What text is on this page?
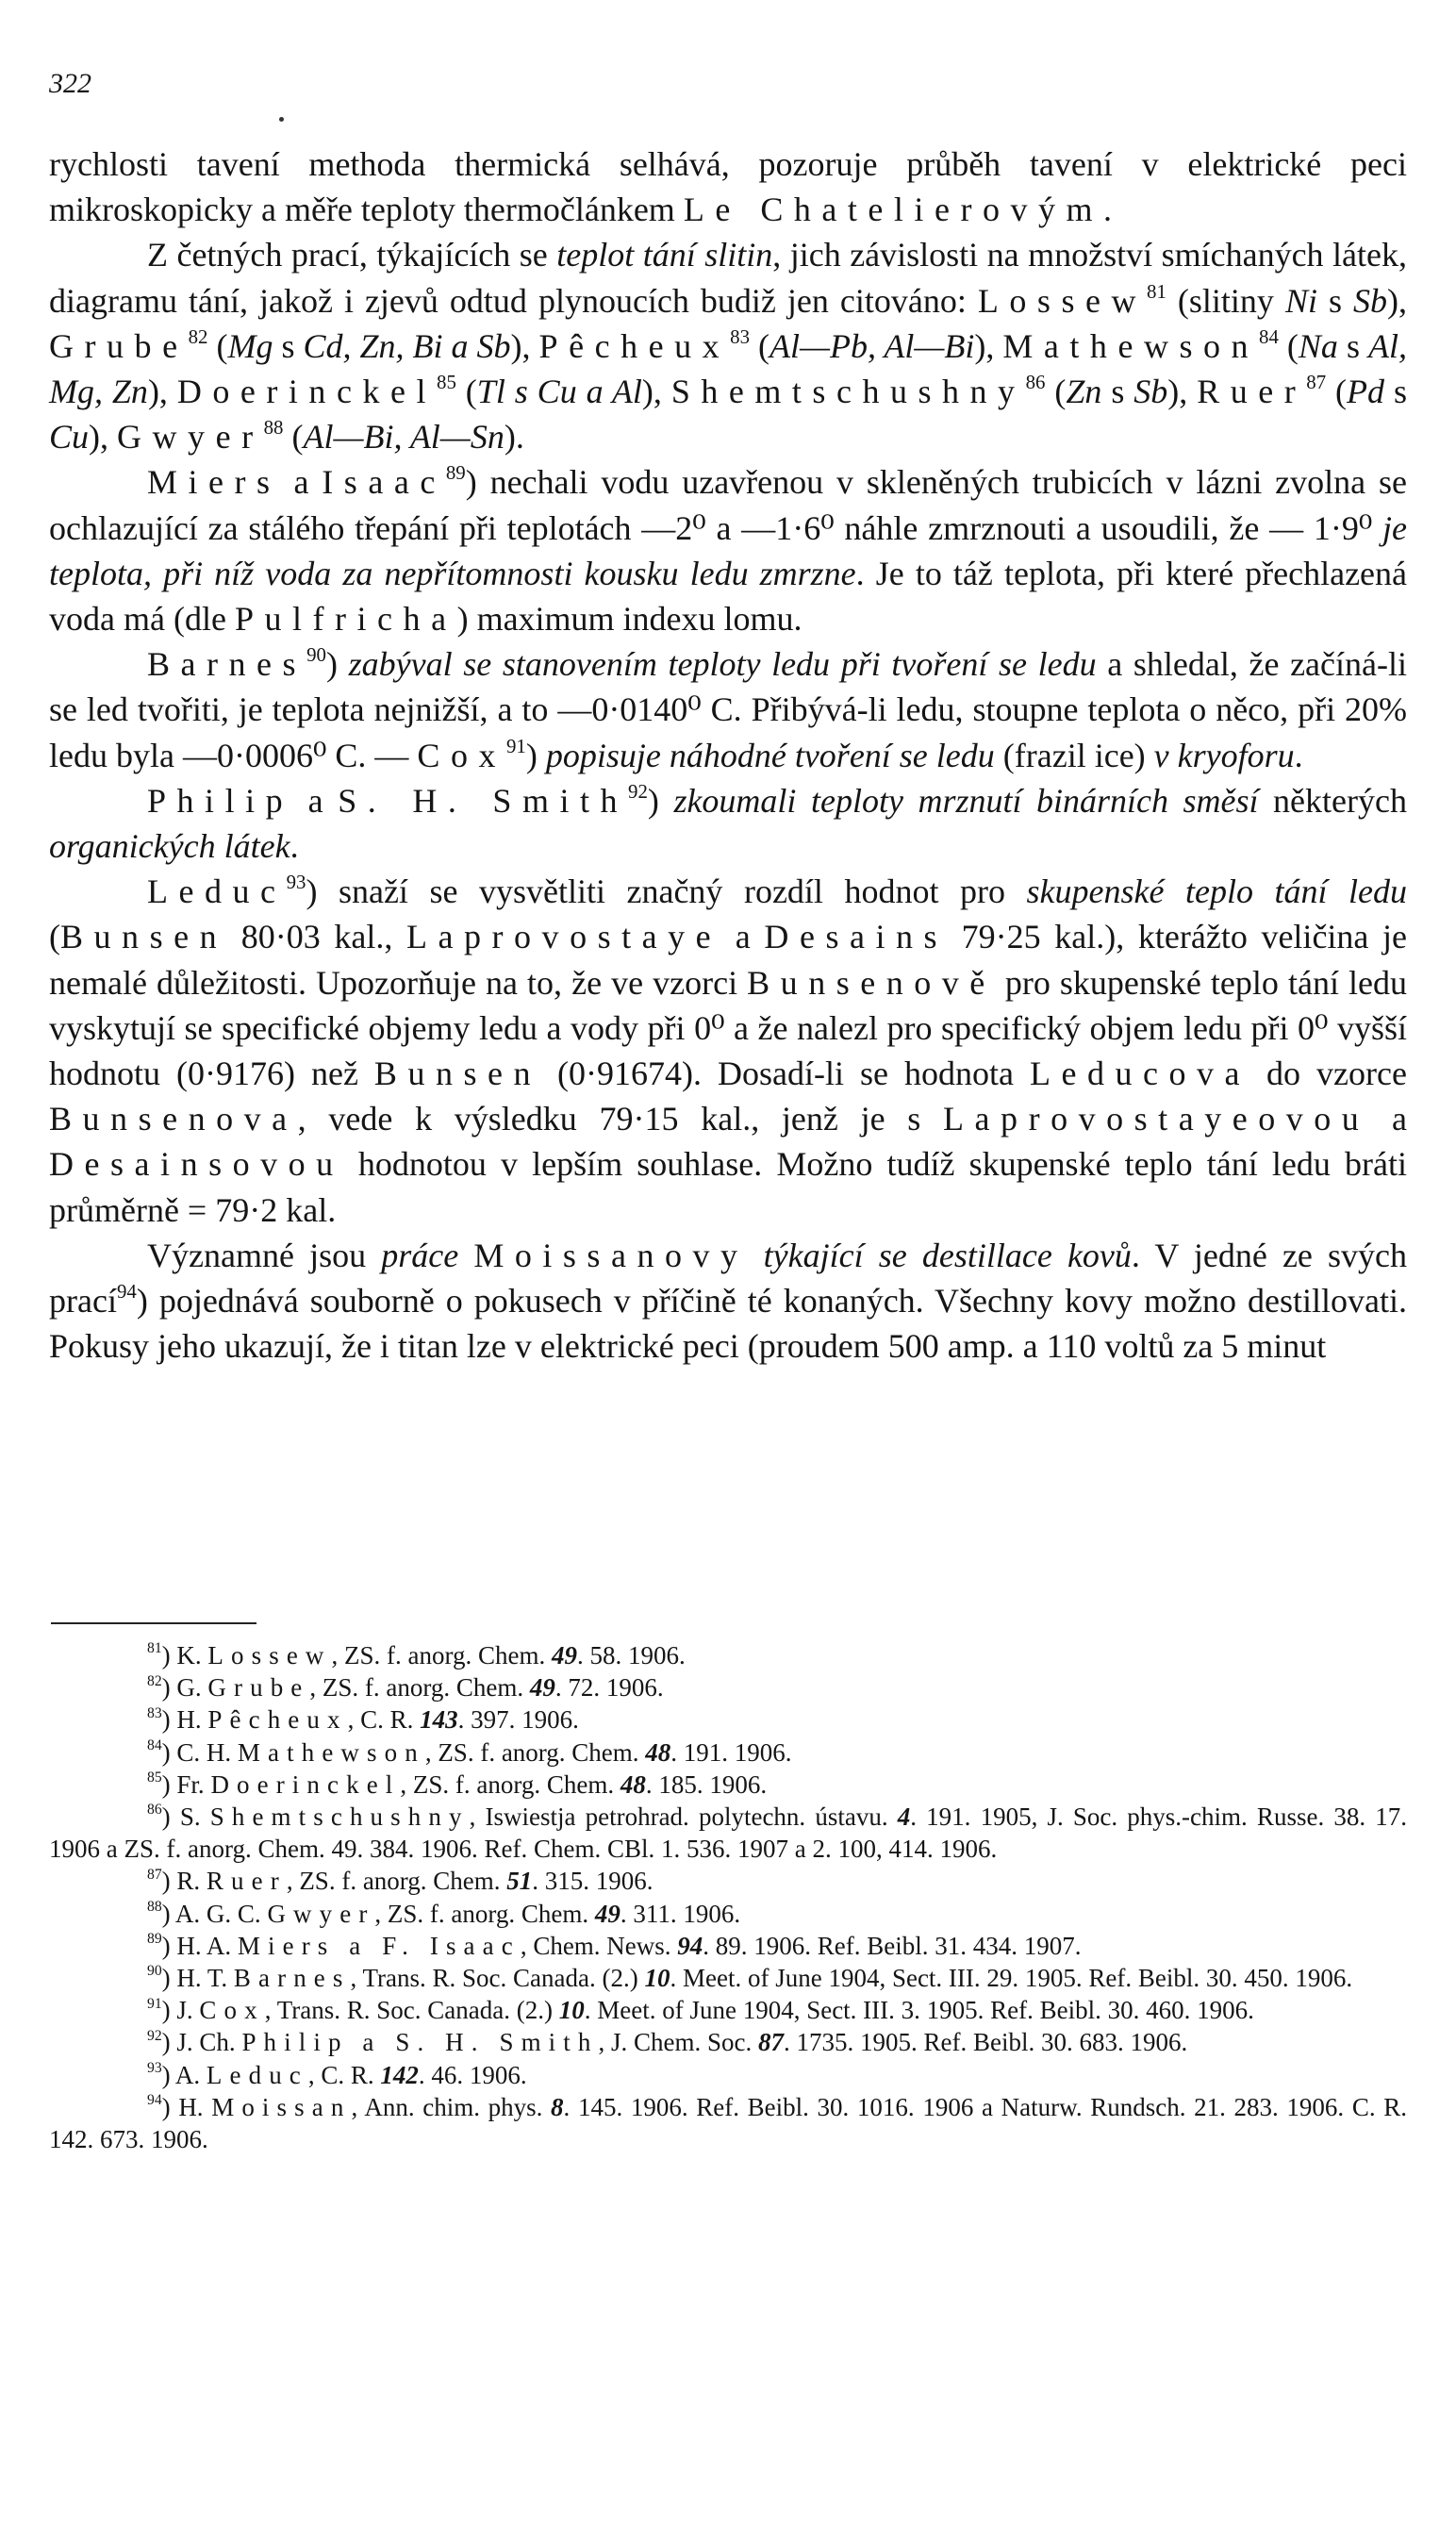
322

rychlosti tavení methoda thermická selhává, pozoruje průběh tavení v elektrické peci mikroskopicky a měře teploty thermočlánkem Le Chatelierovým.

Z četných prací, týkajících se teplot tání slitin, jich závislosti na množství smíchaných látek, diagramu tání, jakož i zjevů odtud plynoucích budiž jen citováno: Lossew$^{81}$ (slitiny Ni s Sb), Grube$^{82}$ (Mg s Cd, Zn, Bi a Sb), Pêcheux$^{83}$ (Al—Pb, Al—Bi), Mathewson$^{84}$ (Na s Al, Mg, Zn), Doerinckel$^{85}$ (Tl s Cu a Al), Shemtschushny$^{86}$ (Zn s Sb), Ruer$^{87}$ (Pd s Cu), Gwyer$^{88}$ (Al—Bi, Al—Sn).

Miers a Isaac$^{89}$) nechali vodu uzavřenou v skleněných trubicích v lázni zvolna se ochlazující za stálého třepání při teplotách —2⁰ a —1·6⁰ náhle zmrznouti a usoudili, že — 1·9⁰ je teplota, při níž voda za nepřítomnosti kousku ledu zmrzne. Je to táž teplota, při které přechlazená voda má (dle Pulfricha) maximum indexu lomu.

Barnes$^{90}$) zabýval se stanovením teploty ledu při tvoření se ledu a shledal, že začíná-li se led tvořiti, je teplota nejnižší, a to —0·0140⁰ C. Přibývá-li ledu, stoupne teplota o něco, při 20% ledu byla —0·0006⁰ C. — Cox$^{91}$) popisuje náhodné tvoření se ledu (frazil ice) v kryoforu.

Philip a S. H. Smith$^{92}$) zkoumali teploty mrznutí binárních směsí některých organických látek.

Leduc$^{93}$) snaží se vysvětliti značný rozdíl hodnot pro skupenské teplo tání ledu (Bunsen 80·03 kal., Laprovostaye a Desains 79·25 kal.), kterážto veličina je nemalé důležitosti. Upozorňuje na to, že ve vzorci Bunsenově pro skupenské teplo tání ledu vyskytují se specifické objemy ledu a vody při 0⁰ a že nalezl pro specifický objem ledu při 0⁰ vyšší hodnotu (0·9176) než Bunsen (0·91674). Dosadí-li se hodnota Leducova do vzorce Bunsenova, vede k výsledku 79·15 kal., jenž je s Laprovostayeovou a Desainsovou hodnotou v lepším souhlase. Možno tudíž skupenské teplo tání ledu bráti průměrně = 79·2 kal.

Významné jsou práce Moissanovy týkající se destillace kovů. V jedné ze svých prací$^{94}$) pojednává souborně o pokusech v příčině té konaných. Všechny kovy možno destillovati. Pokusy jeho ukazují, že i titan lze v elektrické peci (proudem 500 amp. a 110 voltů za 5 minut

$^{81}$) K. Lossew, ZS. f. anorg. Chem. 49. 58. 1906.

$^{82}$) G. Grube, ZS. f. anorg. Chem. 49. 72. 1906.

$^{83}$) H. Pêcheux, C. R. 143. 397. 1906.

$^{84}$) C. H. Mathewson, ZS. f. anorg. Chem. 48. 191. 1906.

$^{85}$) Fr. Doerinckel, ZS. f. anorg. Chem. 48. 185. 1906.

$^{86}$) S. Shemtschushny, Iswiestja petrohrad. polytechn. ústavu. 4. 191. 1905, J. Soc. phys.-chim. Russe. 38. 17. 1906 a ZS. f. anorg. Chem. 49. 384. 1906. Ref. Chem. CBl. 1. 536. 1907 a 2. 100, 414. 1906.

$^{87}$) R. Ruer, ZS. f. anorg. Chem. 51. 315. 1906.

$^{88}$) A. G. C. Gwyer, ZS. f. anorg. Chem. 49. 311. 1906.

$^{89}$) H. A. Miers a F. Isaac, Chem. News. 94. 89. 1906. Ref. Beibl. 31. 434. 1907.

$^{90}$) H. T. Barnes, Trans. R. Soc. Canada. (2.) 10. Meet. of June 1904, Sect. III. 29. 1905. Ref. Beibl. 30. 450. 1906.

$^{91}$) J. Cox, Trans. R. Soc. Canada. (2.) 10. Meet. of June 1904, Sect. III. 3. 1905. Ref. Beibl. 30. 460. 1906.

$^{92}$) J. Ch. Philip a S. H. Smith, J. Chem. Soc. 87. 1735. 1905. Ref. Beibl. 30. 683. 1906.

$^{93}$) A. Leduc, C. R. 142. 46. 1906.

$^{94}$) H. Moissan, Ann. chim. phys. 8. 145. 1906. Ref. Beibl. 30. 1016. 1906 a Naturw. Rundsch. 21. 283. 1906. C. R. 142. 673. 1906.
